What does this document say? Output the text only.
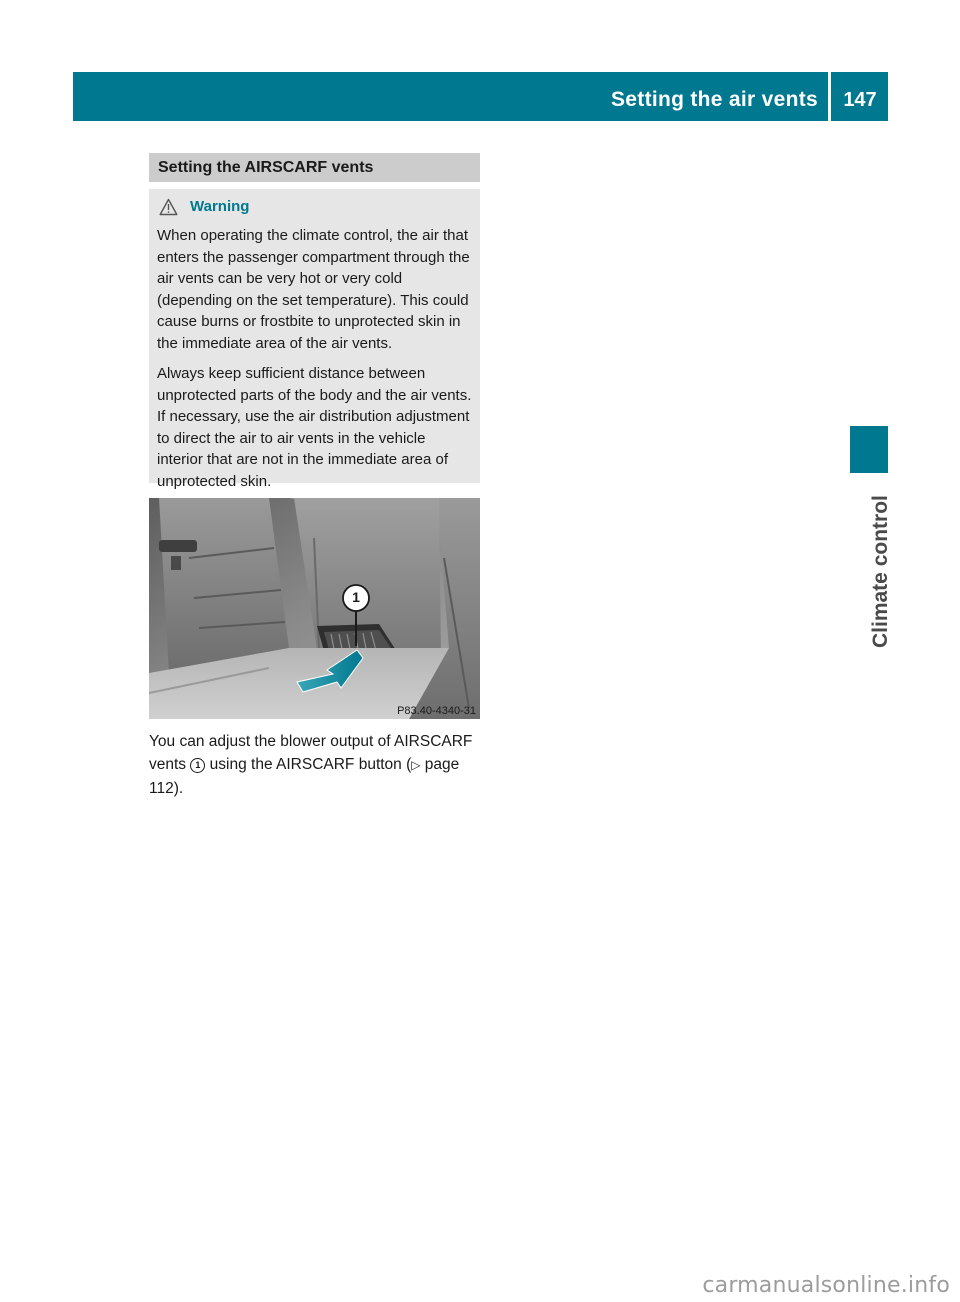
Setting the air vents	147
Climate control
Setting the AIRSCARF vents
Warning

When operating the climate control, the air that enters the passenger compartment through the air vents can be very hot or very cold (depending on the set temperature). This could cause burns or frostbite to unprotected skin in the immediate area of the air vents.

Always keep sufficient distance between unprotected parts of the body and the air vents. If necessary, use the air distribution adjustment to direct the air to air vents in the vehicle interior that are not in the immediate area of unprotected skin.

1
P83.40-4340-31
You can adjust the blower output of AIRSCARF vents 1 using the AIRSCARF button (▷ page 112).
carmanualsonline.info
